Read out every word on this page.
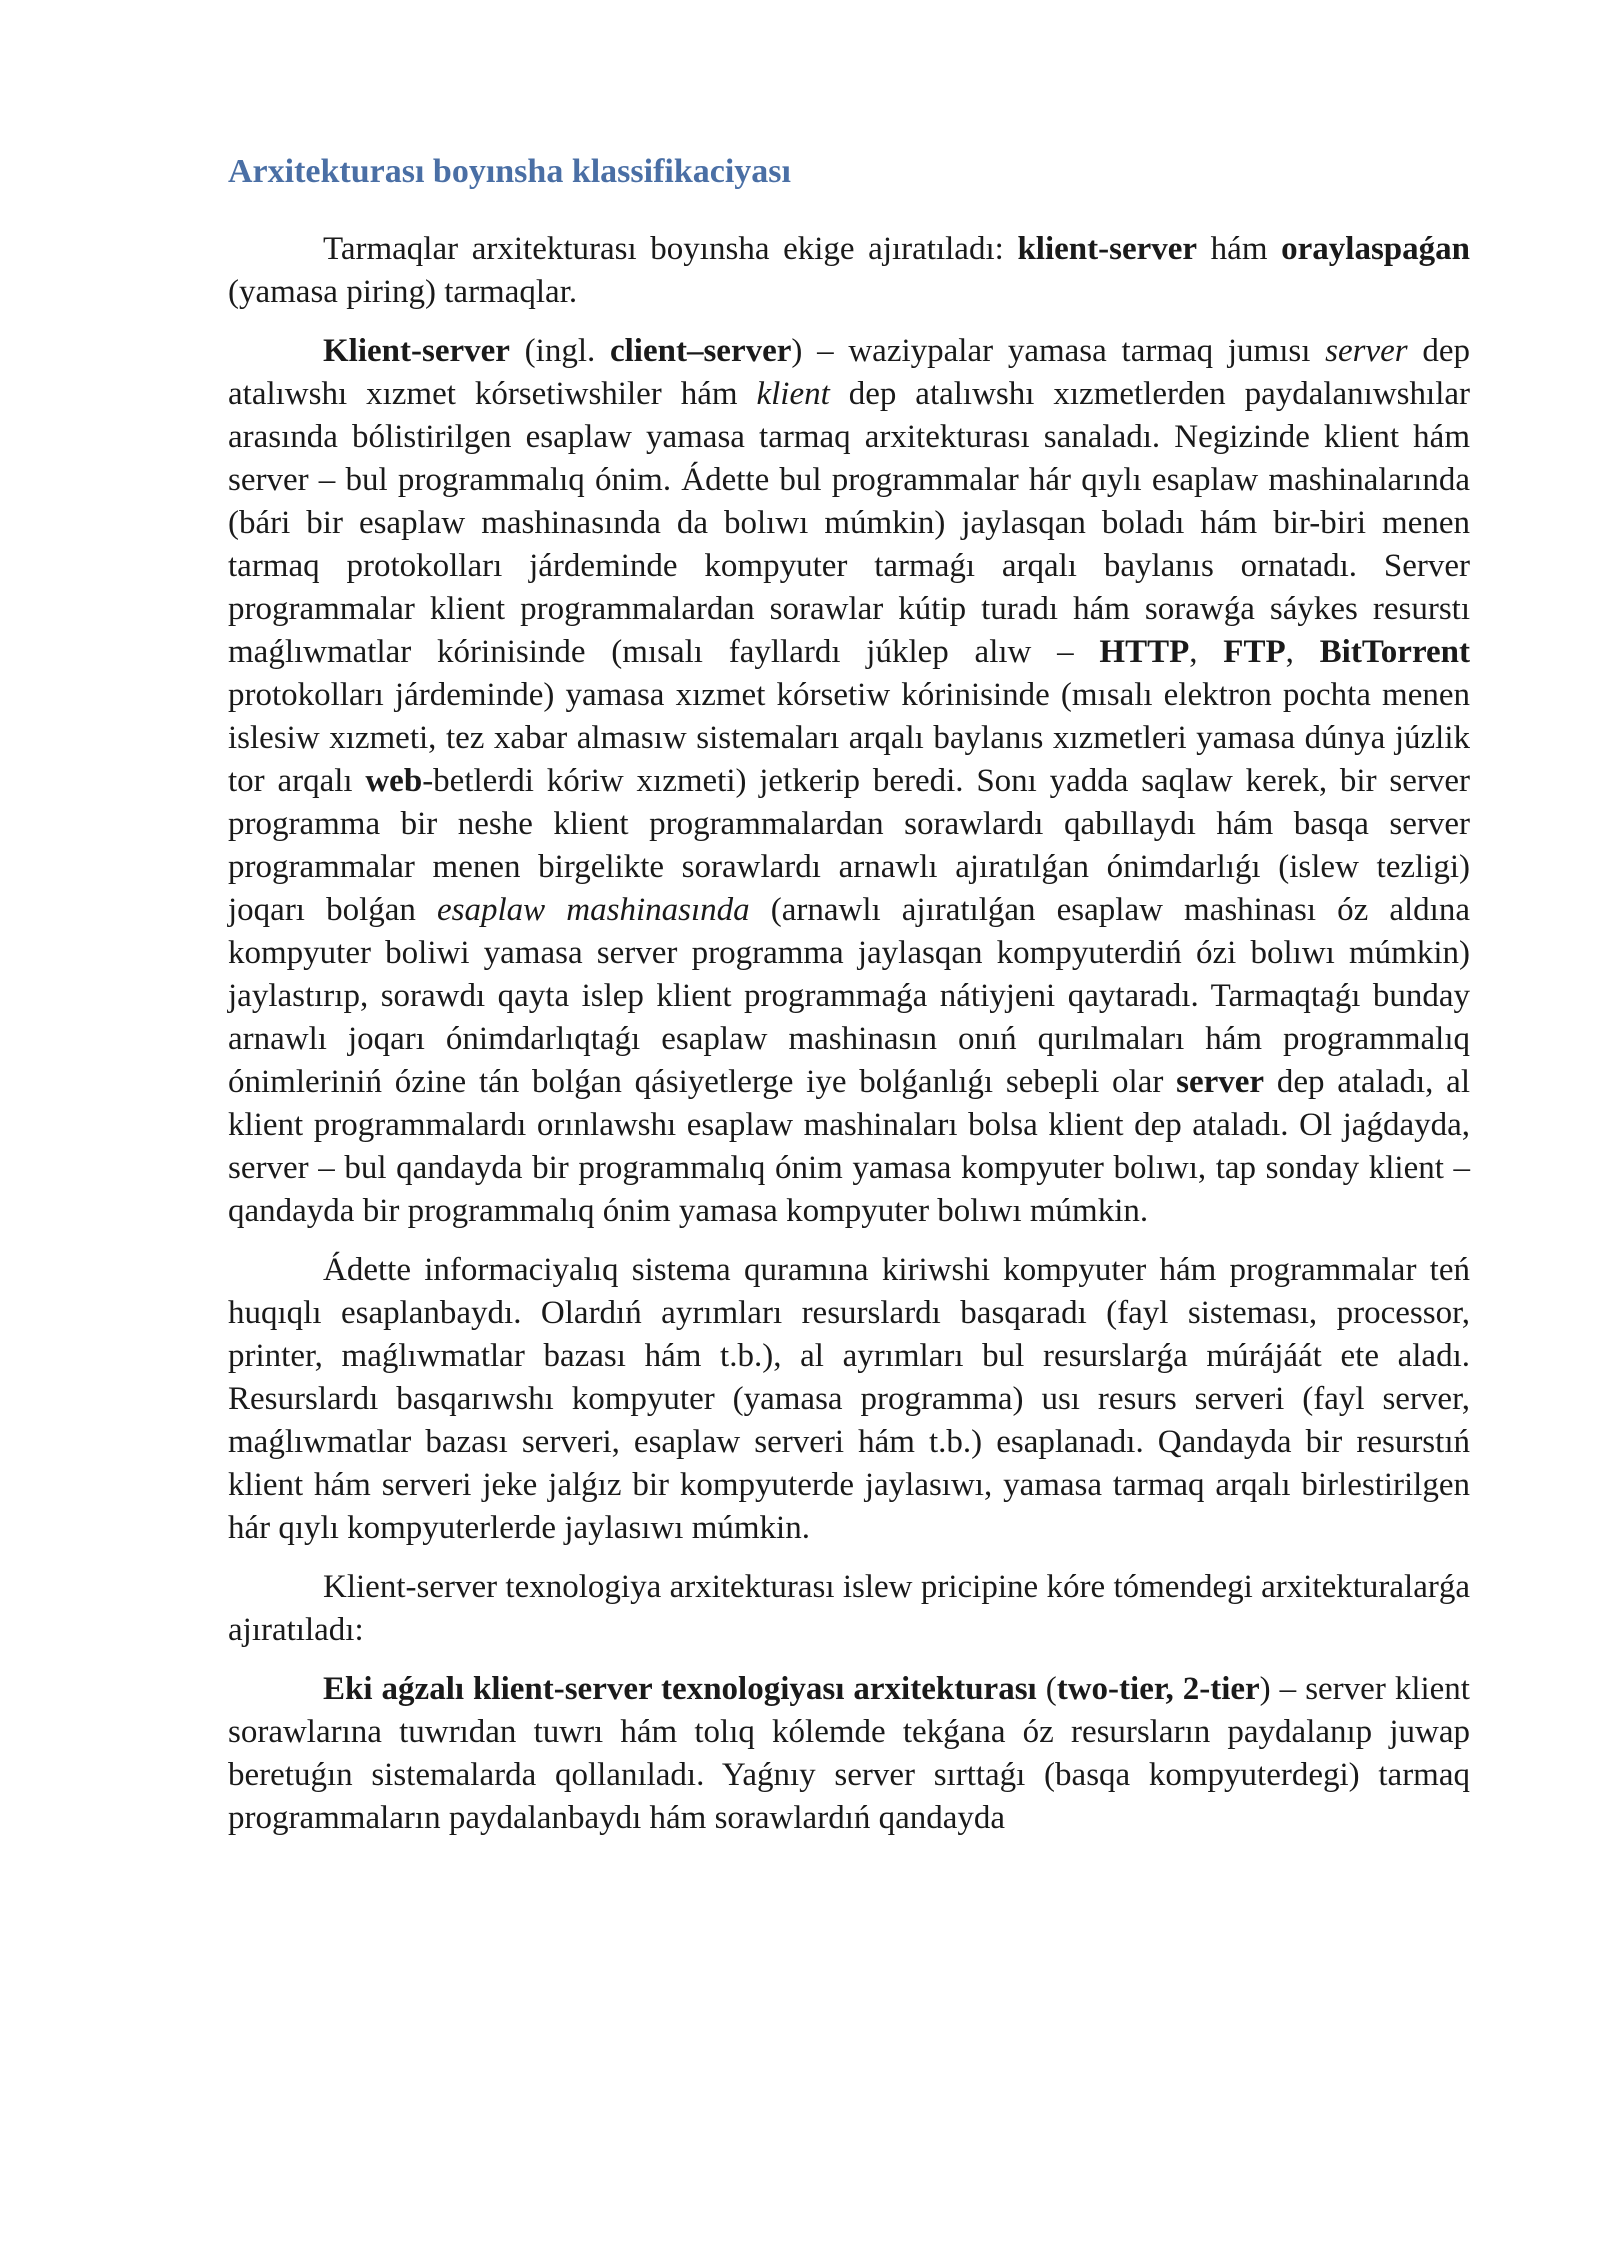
Arxitekturası boyınsha klassifikaciyası

Tarmaqlar arxitekturası boyınsha ekige ajıratıladı: klient-server hám oraylaspaǵan (yamasa piring) tarmaqlar.

Klient-server (ingl. client–server) – waziypalar yamasa tarmaq jumısı server dep atalıwshı xızmet kórsetiwshiler hám klient dep atalıwshı xızmetlerden paydalanıwshılar arasında bólistirilgen esaplaw yamasa tarmaq arxitekturası sanaladı. Negizinde klient hám server – bul programmalıq ónim. Ádette bul programmalar hár qıylı esaplaw mashinalarında (bári bir esaplaw mashinasında da bolıwı múmkin) jaylasqan boladı hám bir-biri menen tarmaq protokolları járdeminde kompyuter tarmaǵı arqalı baylanıs ornatadı. Server programmalar klient programmalardan sorawlar kútip turadı hám sorawǵa sáykes resurstı maǵlıwmatlar kórinisinde (mısalı fayllardı júklep alıw – HTTP, FTP, BitTorrent protokolları járdeminde) yamasa xızmet kórsetiw kórinisinde (mısalı elektron pochta menen islesiw xızmeti, tez xabar almasıw sistemaları arqalı baylanıs xızmetleri yamasa dúnya júzlik tor arqalı web-betlerdi kóriw xızmeti) jetkerip beredi. Sonı yadda saqlaw kerek, bir server programma bir neshe klient programmalardan sorawlardı qabıllaydı hám basqa server programmalar menen birgelikte sorawlardı arnawlı ajıratılǵan ónimdarlıǵı (islew tezligi) joqarı bolǵan esaplaw mashinasında (arnawlı ajıratılǵan esaplaw mashinası óz aldına kompyuter boliwi yamasa server programma jaylasqan kompyuterdiń ózi bolıwı múmkin) jaylastırıp, sorawdı qayta islep klient programmaǵa nátiyjeni qaytaradı. Tarmaqtaǵı bunday arnawlı joqarı ónimdarlıqtaǵı esaplaw mashinasın onıń qurılmaları hám programmalıq ónimleriniń ózine tán bolǵan qásiyetlerge iye bolǵanlıǵı sebepli olar server dep ataladı, al klient programmalardı orınlawshı esaplaw mashinaları bolsa klient dep ataladı. Ol jaǵdayda, server – bul qandayda bir programmalıq ónim yamasa kompyuter bolıwı, tap sonday klient – qandayda bir programmalıq ónim yamasa kompyuter bolıwı múmkin.

Ádette informaciyalıq sistema quramına kiriwshi kompyuter hám programmalar teń huqıqlı esaplanbaydı. Olardıń ayrımları resurslardı basqaradı (fayl sisteması, processor, printer, maǵlıwmatlar bazası hám t.b.), al ayrımları bul resurslarǵa múrájáát ete aladı. Resurslardı basqarıwshı kompyuter (yamasa programma) usı resurs serveri (fayl server, maǵlıwmatlar bazası serveri, esaplaw serveri hám t.b.) esaplanadı. Qandayda bir resurstıń klient hám serveri jeke jalǵız bir kompyuterde jaylasıwı, yamasa tarmaq arqalı birlestirilgen hár qıylı kompyuterlerde jaylasıwı múmkin.

Klient-server texnologiya arxitekturası islew pricipine kóre tómendegi arxitekturalarǵa ajıratıladı:

Eki aǵzalı klient-server texnologiyası arxitekturası (two-tier, 2-tier) – server klient sorawlarına tuwrıdan tuwrı hám tolıq kólemde tekǵana óz resursların paydalanıp juwap beretuǵın sistemalarda qollanıladı. Yaǵnıy server sırttaǵı (basqa kompyuterdegi) tarmaq programmaların paydalanbaydı hám sorawlardıń qandayda
